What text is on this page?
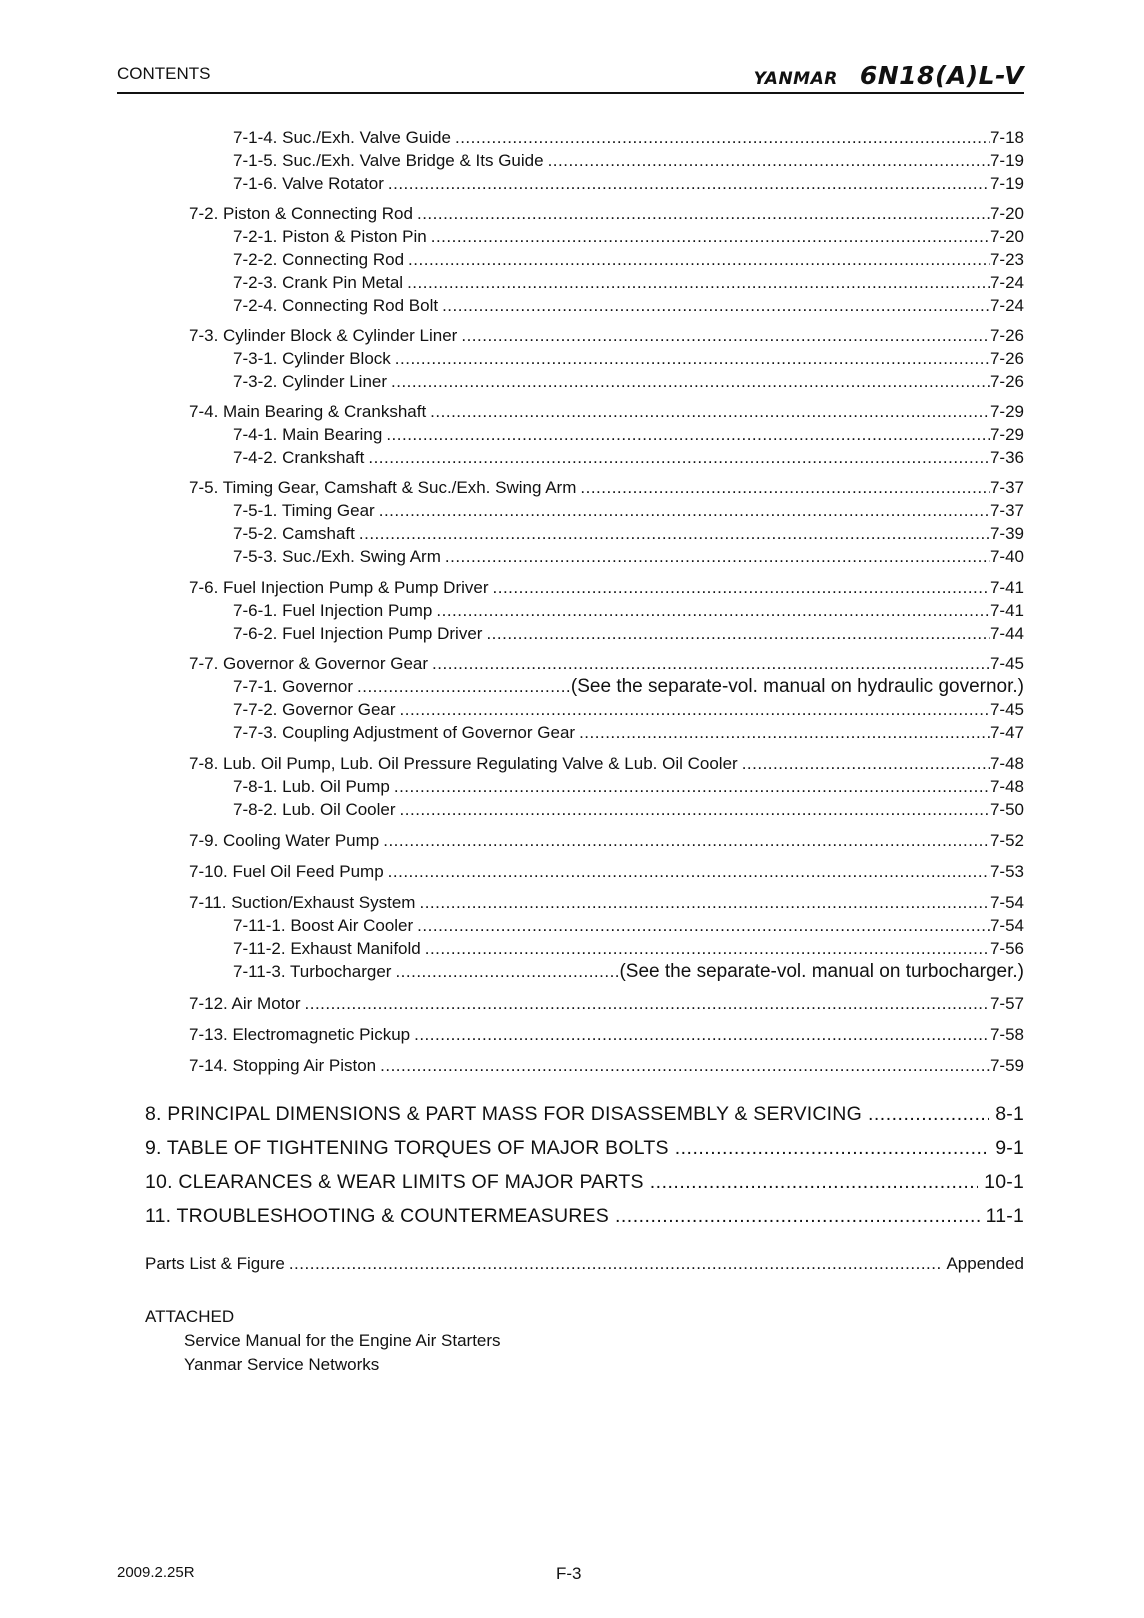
CONTENTS	YANMAR 6N18(A)L-V
7-1-4. Suc./Exh. Valve Guide .....	7-18
7-1-5. Suc./Exh. Valve Bridge & Its Guide .....	7-19
7-1-6. Valve Rotator .....	7-19
7-2. Piston & Connecting Rod .....	7-20
7-2-1. Piston & Piston Pin .....	7-20
7-2-2. Connecting Rod .....	7-23
7-2-3. Crank Pin Metal .....	7-24
7-2-4. Connecting Rod Bolt .....	7-24
7-3. Cylinder Block & Cylinder Liner .....	7-26
7-3-1. Cylinder Block .....	7-26
7-3-2. Cylinder Liner .....	7-26
7-4. Main Bearing & Crankshaft .....	7-29
7-4-1. Main Bearing .....	7-29
7-4-2. Crankshaft .....	7-36
7-5. Timing Gear, Camshaft & Suc./Exh. Swing Arm .....	7-37
7-5-1. Timing Gear .....	7-37
7-5-2. Camshaft .....	7-39
7-5-3. Suc./Exh. Swing Arm .....	7-40
7-6. Fuel Injection Pump & Pump Driver .....	7-41
7-6-1. Fuel Injection Pump .....	7-41
7-6-2. Fuel Injection Pump Driver .....	7-44
7-7. Governor & Governor Gear .....	7-45
7-7-1. Governor .....	(See the separate-vol. manual on hydraulic governor.)
7-7-2. Governor Gear .....	7-45
7-7-3. Coupling Adjustment of Governor Gear .....	7-47
7-8. Lub. Oil Pump, Lub. Oil Pressure Regulating Valve & Lub. Oil Cooler .....	7-48
7-8-1. Lub. Oil Pump .....	7-48
7-8-2. Lub. Oil Cooler .....	7-50
7-9. Cooling Water Pump .....	7-52
7-10. Fuel Oil Feed Pump .....	7-53
7-11. Suction/Exhaust System .....	7-54
7-11-1. Boost Air Cooler .....	7-54
7-11-2. Exhaust Manifold .....	7-56
7-11-3. Turbocharger .....	(See the separate-vol. manual on turbocharger.)
7-12. Air Motor .....	7-57
7-13. Electromagnetic Pickup .....	7-58
7-14. Stopping Air Piston .....	7-59
8. PRINCIPAL DIMENSIONS & PART MASS FOR DISASSEMBLY & SERVICING .....	8-1
9. TABLE OF TIGHTENING TORQUES OF MAJOR BOLTS .....	9-1
10. CLEARANCES & WEAR LIMITS OF MAJOR PARTS .....	10-1
11. TROUBLESHOOTING & COUNTERMEASURES .....	11-1
Parts List & Figure .....	Appended
ATTACHED
Service Manual for the Engine Air Starters
Yanmar Service Networks
2009.2.25R	F-3
